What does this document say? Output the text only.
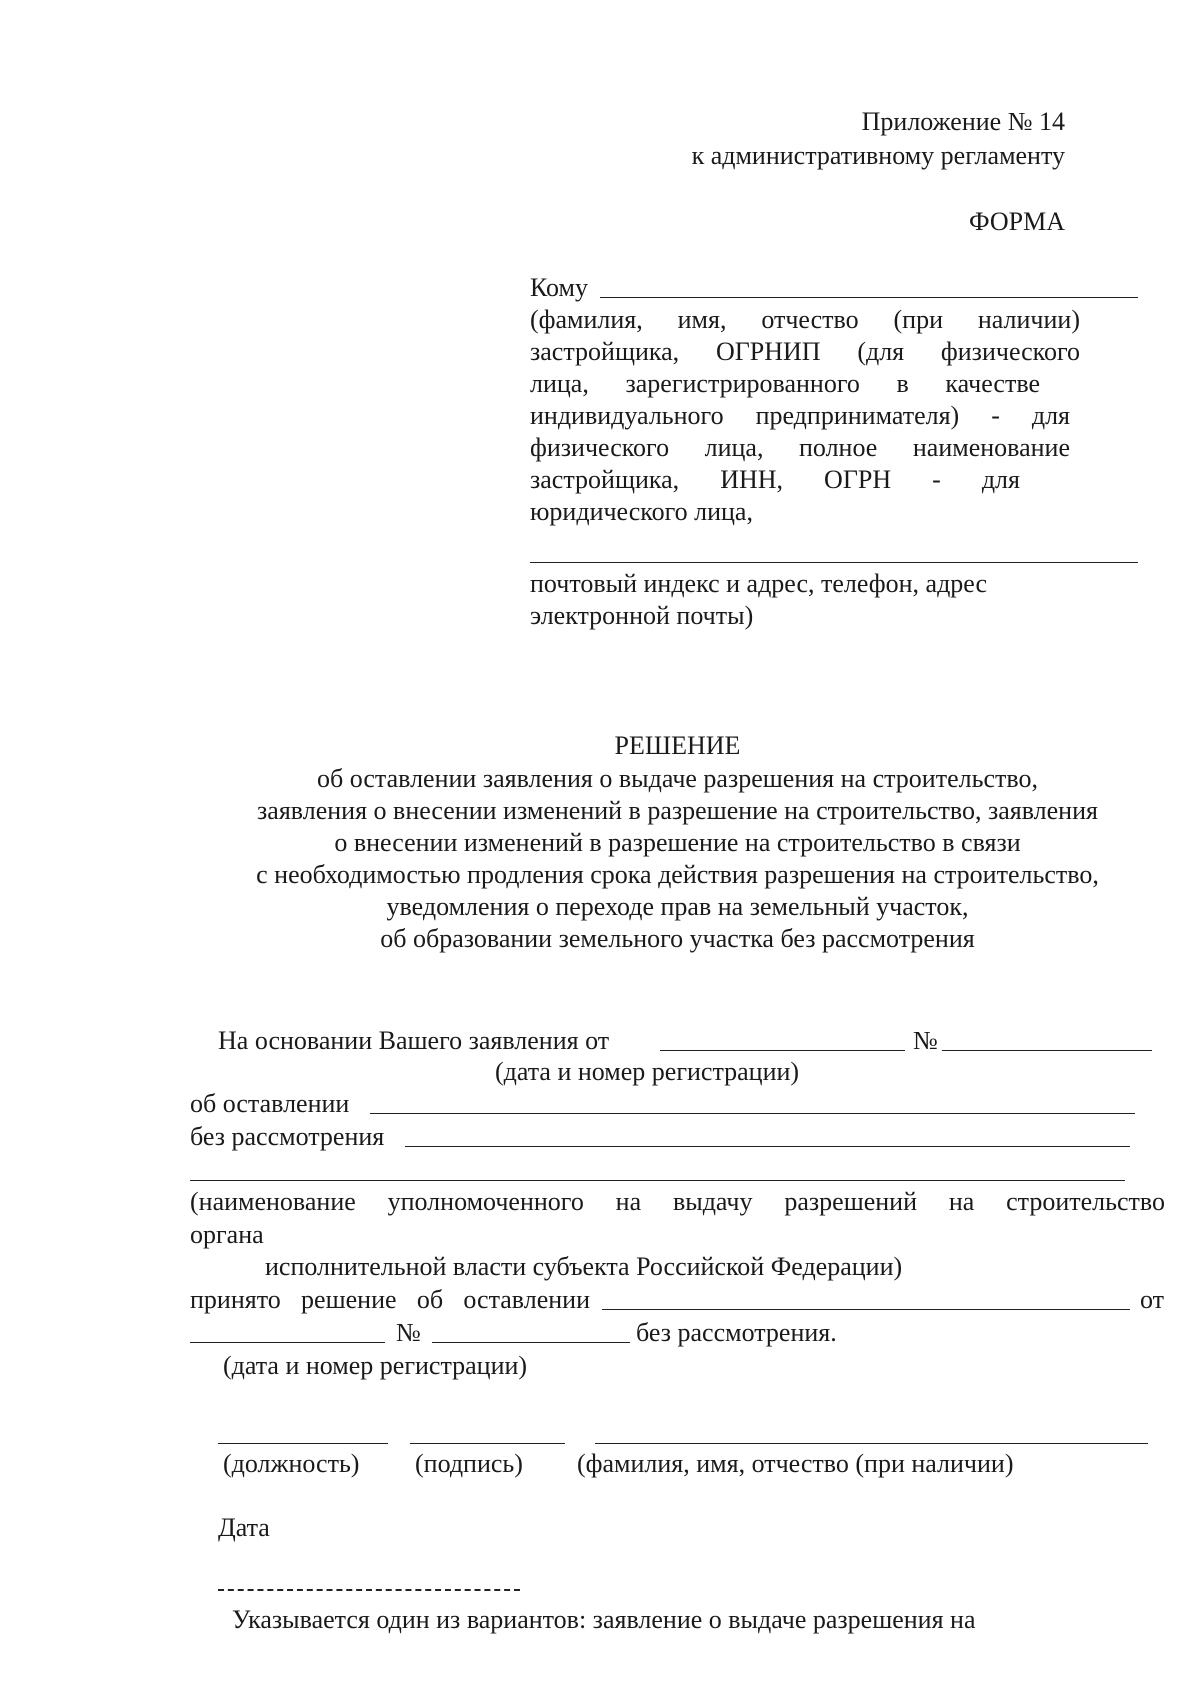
Приложение № 14
к административному регламенту
ФОРМА
Кому
(фамилия, имя, отчество (при наличии)
застройщика, ОГРНИП (для физического
лица, зарегистрированного в качестве
индивидуального предпринимателя) - для
физического лица, полное наименование
застройщика, ИНН, ОГРН - для
юридического лица,
почтовый индекс и адрес, телефон, адрес
электронной почты)
РЕШЕНИЕ
об оставлении заявления о выдаче разрешения на строительство,
заявления о внесении изменений в разрешение на строительство, заявления
о внесении изменений в разрешение на строительство в связи
с необходимостью продления срока действия разрешения на строительство,
уведомления о переходе прав на земельный участок,
об образовании земельного участка без рассмотрения
На основании Вашего заявления от	№
(дата и номер регистрации)
об оставлении
без рассмотрения
(наименование уполномоченного на выдачу разрешений на строительство
органа
исполнительной власти субъекта Российской Федерации)
принято решение об оставлении	от
№	без рассмотрения.
(дата и номер регистрации)
(должность) (подпись) (фамилия, имя, отчество (при наличии)
Дата
Указывается один из вариантов: заявление о выдаче разрешения на
